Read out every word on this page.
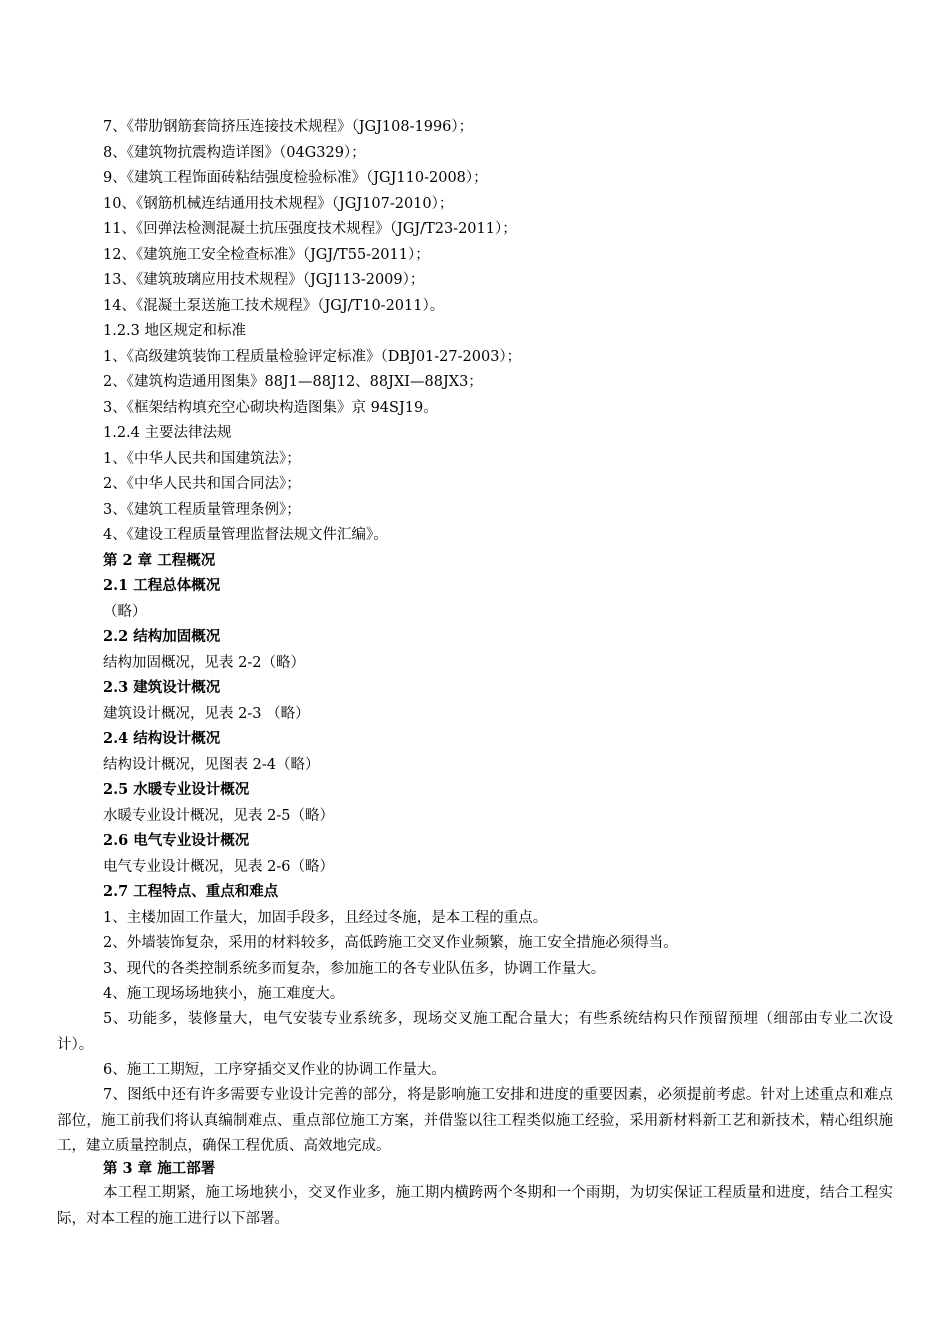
7、《带肋钢筋套筒挤压连接技术规程》（JGJ108-1996）；
8、《建筑物抗震构造详图》（04G329）；
9、《建筑工程饰面砖粘结强度检验标准》（JGJ110-2008）；
10、《钢筋机械连结通用技术规程》（JGJ107-2010）；
11、《回弹法检测混凝土抗压强度技术规程》（JGJ/T23-2011）；
12、《建筑施工安全检查标准》（JGJ/T55-2011）；
13、《建筑玻璃应用技术规程》（JGJ113-2009）；
14、《混凝土泵送施工技术规程》（JGJ/T10-2011）。
1.2.3 地区规定和标准
1、《高级建筑装饰工程质量检验评定标准》（DBJ01-27-2003）；
2、《建筑构造通用图集》88J1—88J12、88JXI—88JX3；
3、《框架结构填充空心砌块构造图集》京 94SJ19。
1.2.4 主要法律法规
1、《中华人民共和国建筑法》；
2、《中华人民共和国合同法》；
3、《建筑工程质量管理条例》；
4、《建设工程质量管理监督法规文件汇编》。
第 2 章 工程概况
2.1 工程总体概况
（略）
2.2 结构加固概况
结构加固概况，见表 2-2（略）
2.3 建筑设计概况
建筑设计概况，见表 2-3 （略）
2.4 结构设计概况
结构设计概况，见图表 2-4（略）
2.5 水暖专业设计概况
水暖专业设计概况，见表 2-5（略）
2.6 电气专业设计概况
电气专业设计概况，见表 2-6（略）
2.7 工程特点、重点和难点
1、主楼加固工作量大，加固手段多，且经过冬施，是本工程的重点。
2、外墙装饰复杂，采用的材料较多，高低跨施工交叉作业频繁，施工安全措施必须得当。
3、现代的各类控制系统多而复杂，参加施工的各专业队伍多，协调工作量大。
4、施工现场场地狭小，施工难度大。
5、功能多，装修量大，电气安装专业系统多，现场交叉施工配合量大；有些系统结构只作预留预埋（细部由专业二次设计）。
6、施工工期短，工序穿插交叉作业的协调工作量大。
7、图纸中还有许多需要专业设计完善的部分，将是影响施工安排和进度的重要因素，必须提前考虑。针对上述重点和难点部位，施工前我们将认真编制难点、重点部位施工方案，并借鉴以往工程类似施工经验，采用新材料新工艺和新技术，精心组织施工，建立质量控制点，确保工程优质、高效地完成。
第 3 章 施工部署
本工程工期紧，施工场地狭小，交叉作业多，施工期内横跨两个冬期和一个雨期，为切实保证工程质量和进度，结合工程实际，对本工程的施工进行以下部署。
